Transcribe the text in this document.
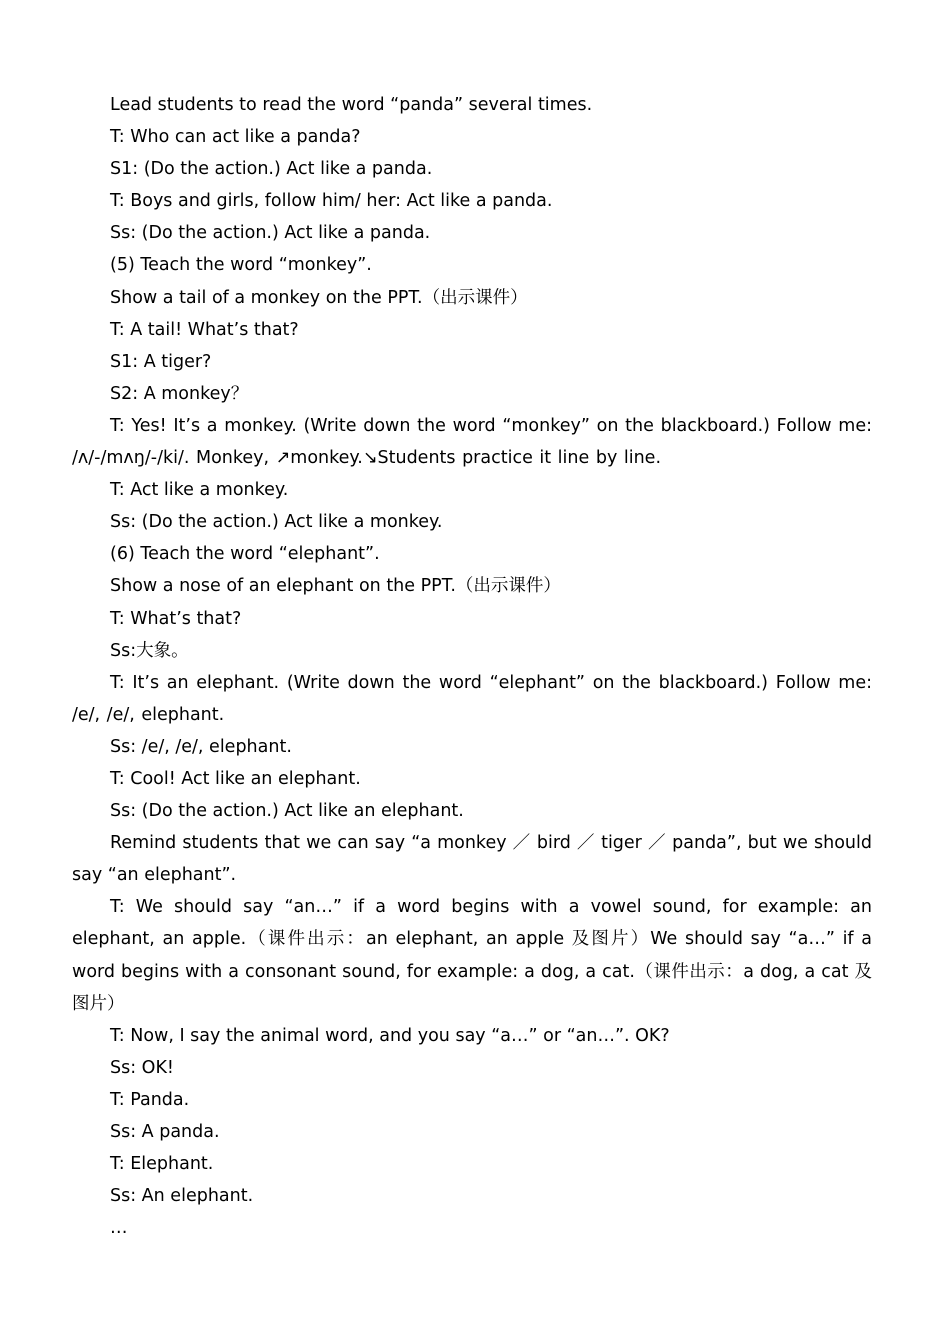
Lead students to read the word “panda” several times.

T: Who can act like a panda?

S1: (Do the action.) Act like a panda.

T: Boys and girls, follow him/ her: Act like a panda.

Ss: (Do the action.) Act like a panda.

(5) Teach the word “monkey”.

Show a tail of a monkey on the PPT.（出示课件）

T: A tail! What’s that?

S1: A tiger?

S2: A monkey？

T: Yes! It’s a monkey. (Write down the word “monkey” on the blackboard.) Follow me: /ʌ/-/mʌŋ/-/ki/. Monkey, ↗monkey.↘Students practice it line by line.

T: Act like a monkey.

Ss: (Do the action.) Act like a monkey.

(6) Teach the word “elephant”.

Show a nose of an elephant on the PPT.（出示课件）

T: What’s that?

Ss:大象。

T: It’s an elephant. (Write down the word “elephant” on the blackboard.) Follow me: /e/, /e/, elephant.

Ss: /e/, /e/, elephant.

T: Cool! Act like an elephant.

Ss: (Do the action.) Act like an elephant.

Remind students that we can say “a monkey ／ bird ／ tiger ／ panda”, but we should say “an elephant”.

T: We should say “an…” if a word begins with a vowel sound, for example: an elephant, an apple.（课件出示：an elephant, an apple 及图片）We should say “a…” if a word begins with a consonant sound, for example: a dog, a cat.（课件出示：a dog, a cat 及图片）

T: Now, I say the animal word, and you say “a…” or “an…”. OK?

Ss: OK!

T: Panda.

Ss: A panda.

T: Elephant.

Ss: An elephant.

…
